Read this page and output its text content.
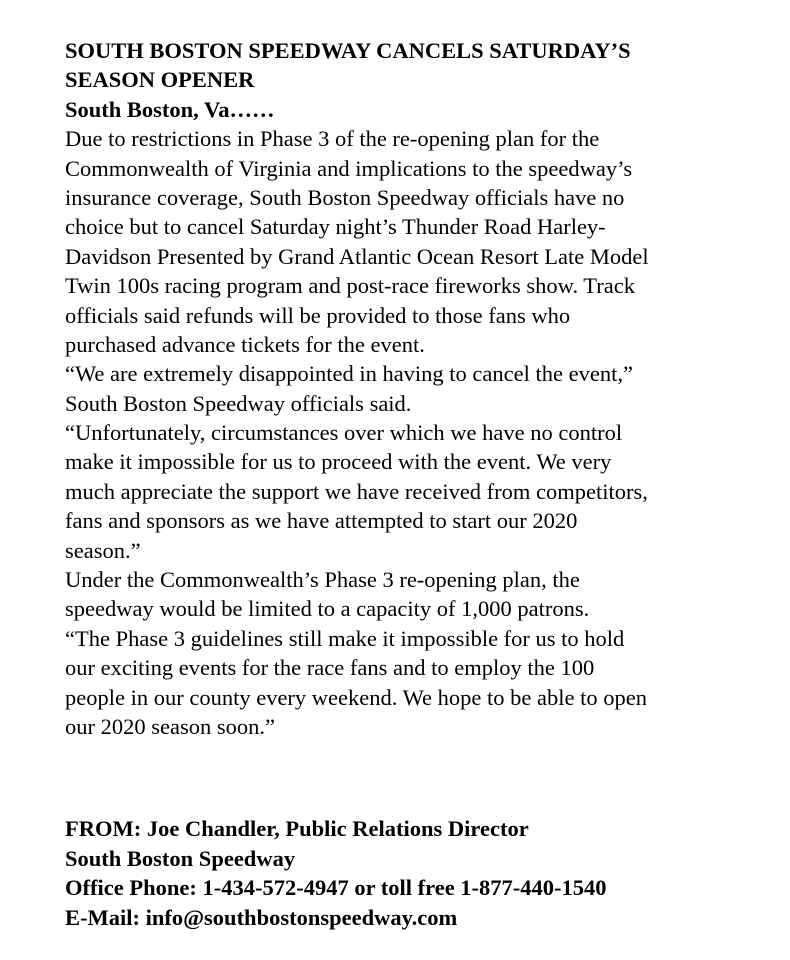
SOUTH BOSTON SPEEDWAY CANCELS SATURDAY’S
SEASON OPENER
South Boston, Va……
Due to restrictions in Phase 3 of the re-opening plan for the
Commonwealth of Virginia and implications to the speedway’s
insurance coverage, South Boston Speedway officials have no
choice but to cancel Saturday night’s Thunder Road Harley-
Davidson Presented by Grand Atlantic Ocean Resort Late Model
Twin 100s racing program and post-race fireworks show. Track
officials said refunds will be provided to those fans who
purchased advance tickets for the event.
“We are extremely disappointed in having to cancel the event,”
South Boston Speedway officials said.
“Unfortunately, circumstances over which we have no control
make it impossible for us to proceed with the event. We very
much appreciate the support we have received from competitors,
fans and sponsors as we have attempted to start our 2020
season.”
Under the Commonwealth’s Phase 3 re-opening plan, the
speedway would be limited to a capacity of 1,000 patrons.
“The Phase 3 guidelines still make it impossible for us to hold
our exciting events for the race fans and to employ the 100
people in our county every weekend. We hope to be able to open
our 2020 season soon.”
FROM: Joe Chandler, Public Relations Director
South Boston Speedway
Office Phone: 1-434-572-4947 or toll free 1-877-440-1540
E-Mail: info@southbostonspeedway.com
